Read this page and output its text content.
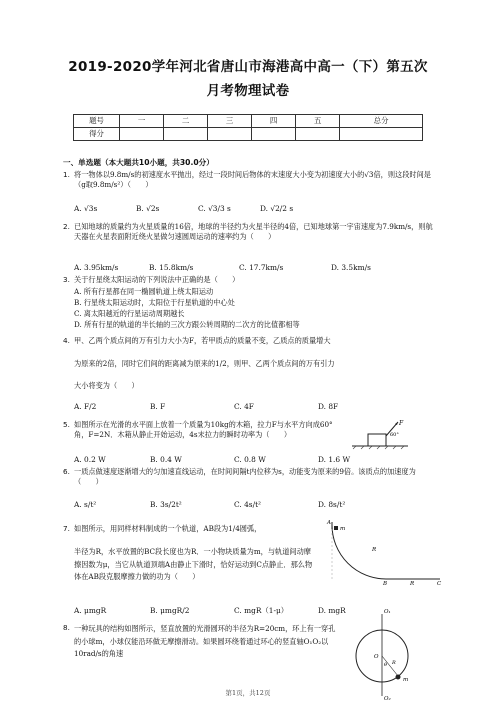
2019-2020学年河北省唐山市海港高中高一（下）第五次
月考物理试卷
题号	一	二	三	四	五	总分
得分						
一、单选题（本大题共10小题，共30.0分）
1. 将一物体以9.8m/s的初速度水平抛出，经过一段时间后物体的末速度大小变为初速度大小的√3倍，则这段时间是（g取9.8m/s²）（　　）
A. √3s	B. √2s	C. √3/3 s	D. √2/2 s
2. 已知地球的质量约为火星质量的16倍，地球的半径约为火星半径的4倍，已知地球第一宇宙速度为7.9km/s，则航天器在火星表面附近绕火星做匀速圆周运动的速率约为（　　）
A. 3.95km/s	B. 15.8km/s	C. 17.7km/s	D. 3.5km/s
3. 关于行星绕太阳运动的下列说法中正确的是（　　）
A. 所有行星都在同一椭圆轨道上绕太阳运动
B. 行星绕太阳运动时，太阳位于行星轨道的中心处
C. 离太阳越近的行星运动周期越长
D. 所有行星的轨道的半长轴的三次方跟公转周期的二次方的比值都相等
4. 甲、乙两个质点间的万有引力大小为F，若甲质点的质量不变，乙质点的质量增大
为原来的2倍，同时它们间的距离减为原来的1/2，则甲、乙两个质点间的万有引力
大小将变为（　　）
A. F/2	B. F	C. 4F	D. 8F
5. 如图所示在光滑的水平面上放着一个质量为10kg的木箱，拉力F与水平方向成60°角，F=2N．木箱从静止开始运动，4s末拉力的瞬时功率为（　　）
F
60°
A. 0.2 W	B. 0.4 W	C. 0.8 W	D. 1.6 W
6. 一质点做速度逐渐增大的匀加速直线运动，在时间间隔t内位移为s，动能变为原来的9倍。该质点的加速度为（　　）
A. s/t²	B. 3s/2t²	C. 4s/t²	D. 8s/t²
7. 如图所示，用同样材料制成的一个轨道，AB段为1/4圆弧，
半径为R，水平放置的BC段长度也为R．一小物块质量为m，与轨道间动摩擦因数为μ，当它从轨道顶端A由静止下滑时，恰好运动到C点静止．那么物体在AB段克服摩擦力做的功为（　　）
A
m
R
B	R	C
A. μmgR	B. μmgR/2	C. mgR（1-μ）	D. mgR
8. 一种玩具的结构如图所示，竖直放置的光滑圆环的半径为R=20cm，环上有一穿孔的小球m，小球仅能沿环做无摩擦滑动。如果圆环绕着通过环心的竖直轴O₁O₂以10rad/s的角速
O₁
O
θ R
m
O₂
第1页，共12页
